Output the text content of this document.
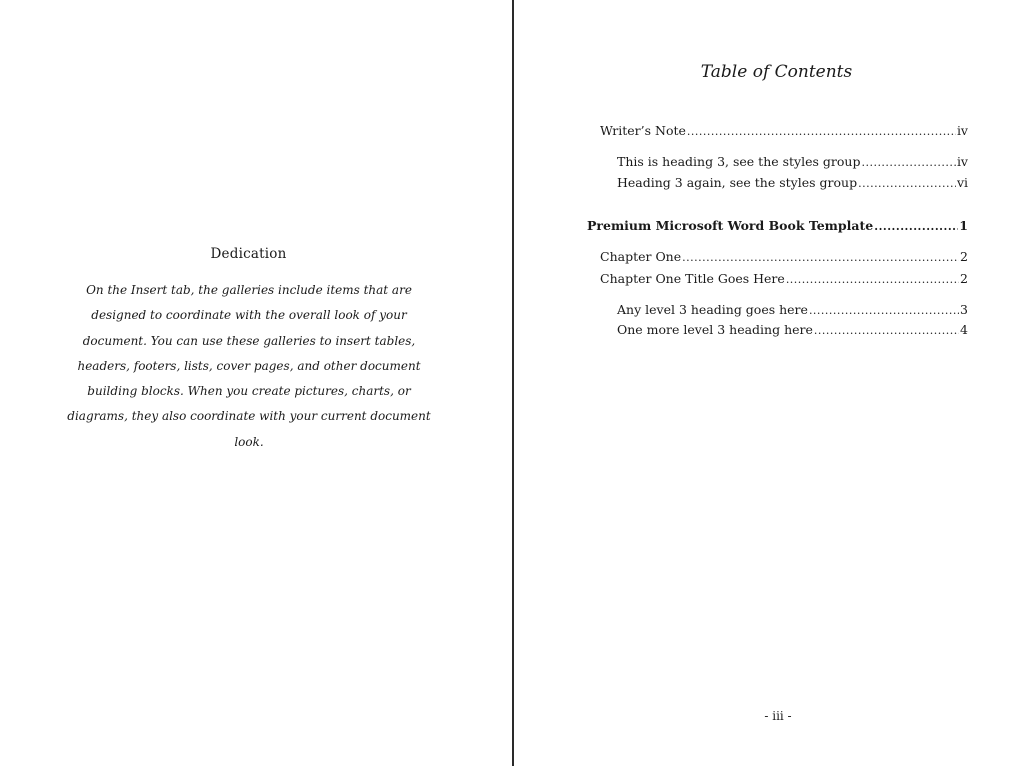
Dedication

On the Insert tab, the galleries include items that are designed to coordinate with the overall look of your document. You can use these galleries to insert tables, headers, footers, lists, cover pages, and other document building blocks. When you create pictures, charts, or diagrams, they also coordinate with your current document look.

Table of Contents
Writer’s Note .....	iv
This is heading 3, see the styles group .....	iv
Heading 3 again, see the styles group .....	vi
Premium Microsoft Word Book Template .....	1
Chapter One .....	2
Chapter One Title Goes Here .....	2
Any level 3 heading goes here .....	3
One more level 3 heading here .....	4

- iii -
